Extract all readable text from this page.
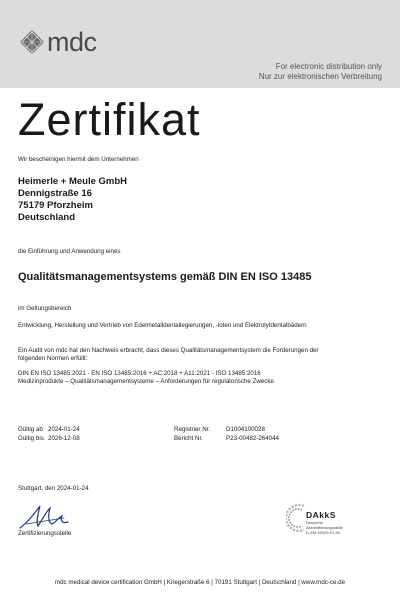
mdc
For electronic distribution only
Nur zur elektronischen Verbreitung
Zertifikat
Wir bescheinigen hiermit dem Unternehmen
Heimerle + Meule GmbH
Dennigstraße 16
75179 Pforzheim
Deutschland
die Einführung und Anwendung eines
Qualitätsmanagementsystems gemäß DIN EN ISO 13485
im Geltungsbereich
Entwicklung, Herstellung und Vertrieb von Edelmetalldentallegierungen, -loten und Elektrolytdentalbädern
Ein Audit von mdc hat den Nachweis erbracht, dass dieses Qualitätsmanagementsystem die Forderungen der
folgenden Normen erfüllt:
DIN EN ISO 13485:2021 - EN ISO 13485:2016 + AC:2018 + A11:2021 - ISO 13485:2016
Medizinprodukte – Qualitätsmanagementsysteme – Anforderungen für regulatorische Zwecke
Gültig ab 2024-01-24
Gültig bis 2026-12-08
Registrier Nr.	D1004100028
Bericht Nr.	P23-00482-264044
Stuttgart, den 2024-01-24
Zertifizierungsstelle
DAkkS
Deutsche
Akkreditierungsstelle
D-ZM-16029-01-00
mdc medical device certification GmbH | Kriegerstraße 6 | 70191 Stuttgart | Deutschland | www.mdc-ce.de
